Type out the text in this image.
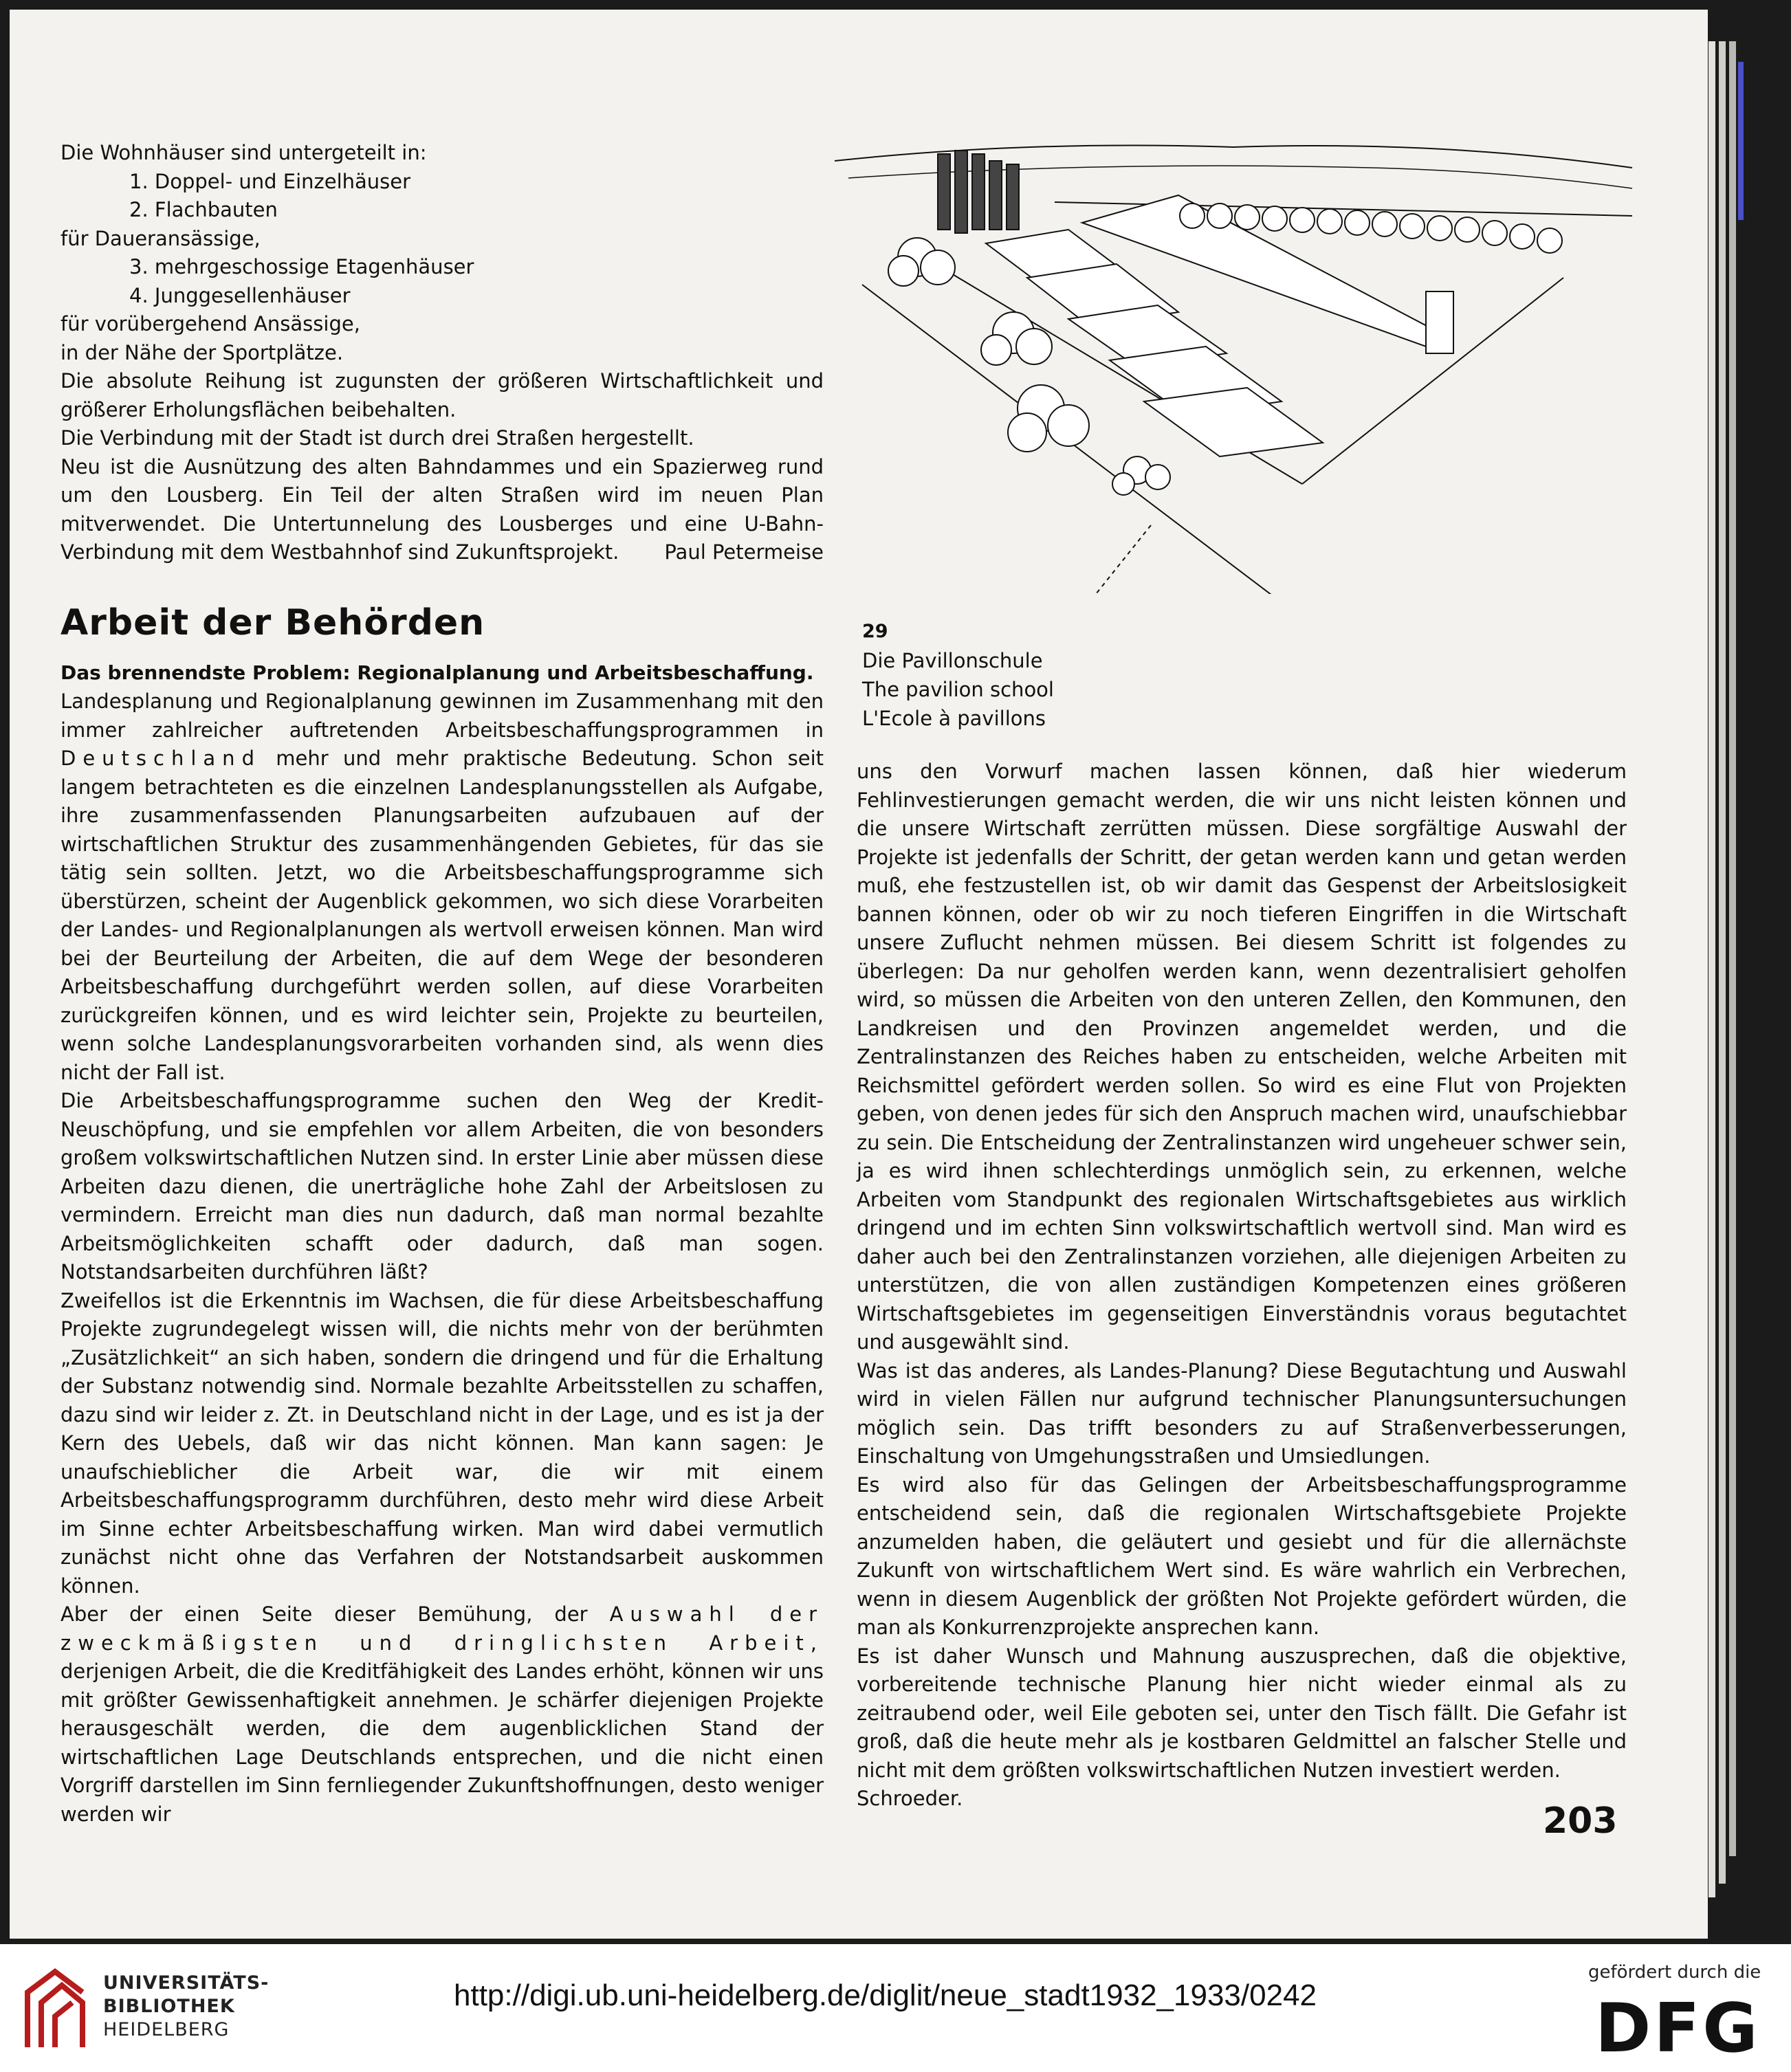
Die Wohnhäuser sind untergeteilt in:

1. Doppel- und Einzelhäuser

2. Flachbauten

für Daueransässige,

3. mehrgeschossige Etagenhäuser

4. Junggesellenhäuser

für vorübergehend Ansässige,

in der Nähe der Sportplätze.

Die absolute Reihung ist zugunsten der größeren Wirtschaftlichkeit und größerer Erholungsflächen beibehalten.

Die Verbindung mit der Stadt ist durch drei Straßen hergestellt.

Neu ist die Ausnützung des alten Bahndammes und ein Spazierweg rund um den Lousberg. Ein Teil der alten Straßen wird im neuen Plan mitverwendet. Die Untertunnelung des Lousberges und eine U-Bahn-Verbindung mit dem Westbahnhof sind Zukunftsprojekt. Paul Petermeise

Arbeit der Behörden
Das brennendste Problem: Regionalplanung und Arbeitsbeschaffung.

Landesplanung und Regionalplanung gewinnen im Zusammenhang mit den immer zahlreicher auftretenden Arbeitsbeschaffungsprogrammen in Deutschland mehr und mehr praktische Bedeutung. Schon seit langem betrachteten es die einzelnen Landesplanungsstellen als Aufgabe, ihre zusammenfassenden Planungsarbeiten aufzubauen auf der wirtschaftlichen Struktur des zusammenhängenden Gebietes, für das sie tätig sein sollten. Jetzt, wo die Arbeitsbeschaffungsprogramme sich überstürzen, scheint der Augenblick gekommen, wo sich diese Vorarbeiten der Landes- und Regionalplanungen als wertvoll erweisen können. Man wird bei der Beurteilung der Arbeiten, die auf dem Wege der besonderen Arbeitsbeschaffung durchgeführt werden sollen, auf diese Vorarbeiten zurückgreifen können, und es wird leichter sein, Projekte zu beurteilen, wenn solche Landesplanungsvorarbeiten vorhanden sind, als wenn dies nicht der Fall ist.

Die Arbeitsbeschaffungsprogramme suchen den Weg der Kredit-Neuschöpfung, und sie empfehlen vor allem Arbeiten, die von besonders großem volkswirtschaftlichen Nutzen sind. In erster Linie aber müssen diese Arbeiten dazu dienen, die unerträgliche hohe Zahl der Arbeitslosen zu vermindern. Erreicht man dies nun dadurch, daß man normal bezahlte Arbeitsmöglichkeiten schafft oder dadurch, daß man sogen. Notstandsarbeiten durchführen läßt?

Zweifellos ist die Erkenntnis im Wachsen, die für diese Arbeitsbeschaffung Projekte zugrundegelegt wissen will, die nichts mehr von der berühmten „Zusätzlichkeit“ an sich haben, sondern die dringend und für die Erhaltung der Substanz notwendig sind. Normale bezahlte Arbeitsstellen zu schaffen, dazu sind wir leider z. Zt. in Deutschland nicht in der Lage, und es ist ja der Kern des Uebels, daß wir das nicht können. Man kann sagen: Je unaufschieblicher die Arbeit war, die wir mit einem Arbeitsbeschaffungsprogramm durchführen, desto mehr wird diese Arbeit im Sinne echter Arbeitsbeschaffung wirken. Man wird dabei vermutlich zunächst nicht ohne das Verfahren der Notstandsarbeit auskommen können.

Aber der einen Seite dieser Bemühung, der Auswahl der zweckmäßigsten und dringlichsten Arbeit, derjenigen Arbeit, die die Kreditfähigkeit des Landes erhöht, können wir uns mit größter Gewissenhaftigkeit annehmen. Je schärfer diejenigen Projekte herausgeschält werden, die dem augenblicklichen Stand der wirtschaftlichen Lage Deutschlands entsprechen, und die nicht einen Vorgriff darstellen im Sinn fernliegender Zukunftshoffnungen, desto weniger werden wir

29
Die Pavillonschule
The pavilion school
L'Ecole à pavillons

uns den Vorwurf machen lassen können, daß hier wiederum Fehlinvestierungen gemacht werden, die wir uns nicht leisten können und die unsere Wirtschaft zerrütten müssen. Diese sorgfältige Auswahl der Projekte ist jedenfalls der Schritt, der getan werden kann und getan werden muß, ehe festzustellen ist, ob wir damit das Gespenst der Arbeitslosigkeit bannen können, oder ob wir zu noch tieferen Eingriffen in die Wirtschaft unsere Zuflucht nehmen müssen. Bei diesem Schritt ist folgendes zu überlegen: Da nur geholfen werden kann, wenn dezentralisiert geholfen wird, so müssen die Arbeiten von den unteren Zellen, den Kommunen, den Landkreisen und den Provinzen angemeldet werden, und die Zentralinstanzen des Reiches haben zu entscheiden, welche Arbeiten mit Reichsmittel gefördert werden sollen. So wird es eine Flut von Projekten geben, von denen jedes für sich den Anspruch machen wird, unaufschiebbar zu sein. Die Entscheidung der Zentralinstanzen wird ungeheuer schwer sein, ja es wird ihnen schlechterdings unmöglich sein, zu erkennen, welche Arbeiten vom Standpunkt des regionalen Wirtschaftsgebietes aus wirklich dringend und im echten Sinn volkswirtschaftlich wertvoll sind. Man wird es daher auch bei den Zentralinstanzen vorziehen, alle diejenigen Arbeiten zu unterstützen, die von allen zuständigen Kompetenzen eines größeren Wirtschaftsgebietes im gegenseitigen Einverständnis voraus begutachtet und ausgewählt sind.

Was ist das anderes, als Landes-Planung? Diese Begutachtung und Auswahl wird in vielen Fällen nur aufgrund technischer Planungsuntersuchungen möglich sein. Das trifft besonders zu auf Straßenverbesserungen, Einschaltung von Umgehungsstraßen und Umsiedlungen.

Es wird also für das Gelingen der Arbeitsbeschaffungsprogramme entscheidend sein, daß die regionalen Wirtschaftsgebiete Projekte anzumelden haben, die geläutert und gesiebt und für die allernächste Zukunft von wirtschaftlichem Wert sind. Es wäre wahrlich ein Verbrechen, wenn in diesem Augenblick der größten Not Projekte gefördert würden, die man als Konkurrenzprojekte ansprechen kann.

Es ist daher Wunsch und Mahnung auszusprechen, daß die objektive, vorbereitende technische Planung hier nicht wieder einmal als zu zeitraubend oder, weil Eile geboten sei, unter den Tisch fällt. Die Gefahr ist groß, daß die heute mehr als je kostbaren Geldmittel an falscher Stelle und nicht mit dem größten volkswirtschaftlichen Nutzen investiert werden.

Schroeder.

203
UNIVERSITÄTS-
BIBLIOTHEK
HEIDELBERG
http://digi.ub.uni-heidelberg.de/diglit/neue_stadt1932_1933/0242
gefördert durch die
DFG
